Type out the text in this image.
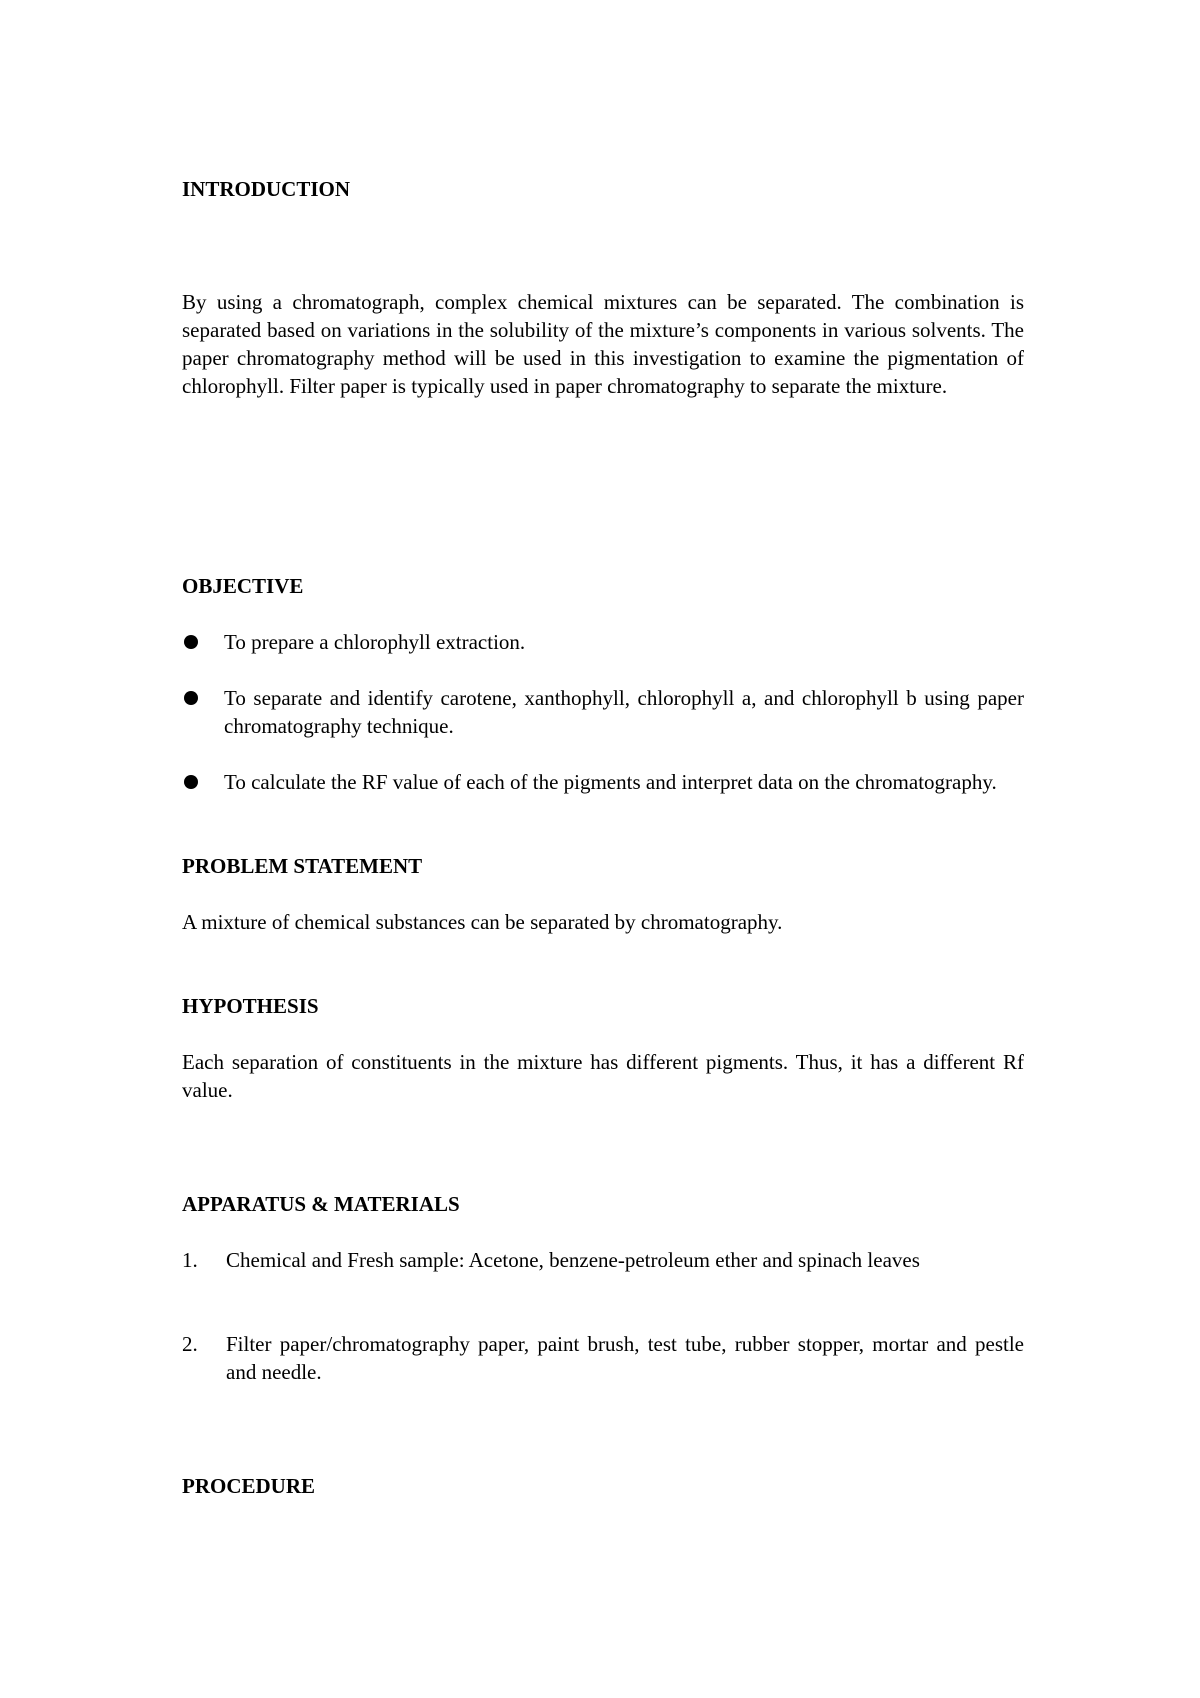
INTRODUCTION

By using a chromatograph, complex chemical mixtures can be separated. The combination is separated based on variations in the solubility of the mixture’s components in various solvents. The paper chromatography method will be used in this investigation to examine the pigmentation of chlorophyll. Filter paper is typically used in paper chromatography to separate the mixture.

OBJECTIVE

To prepare a chlorophyll extraction.

To separate and identify carotene, xanthophyll, chlorophyll a, and chlorophyll b using paper chromatography technique.

To calculate the RF value of each of the pigments and interpret data on the chromatography.

PROBLEM STATEMENT

A mixture of chemical substances can be separated by chromatography.

HYPOTHESIS

Each separation of constituents in the mixture has different pigments. Thus, it has a different Rf value.

APPARATUS & MATERIALS
1. Chemical and Fresh sample: Acetone, benzene-petroleum ether and spinach leaves

2. Filter paper/chromatography paper, paint brush, test tube, rubber stopper, mortar and pestle and needle.

PROCEDURE
